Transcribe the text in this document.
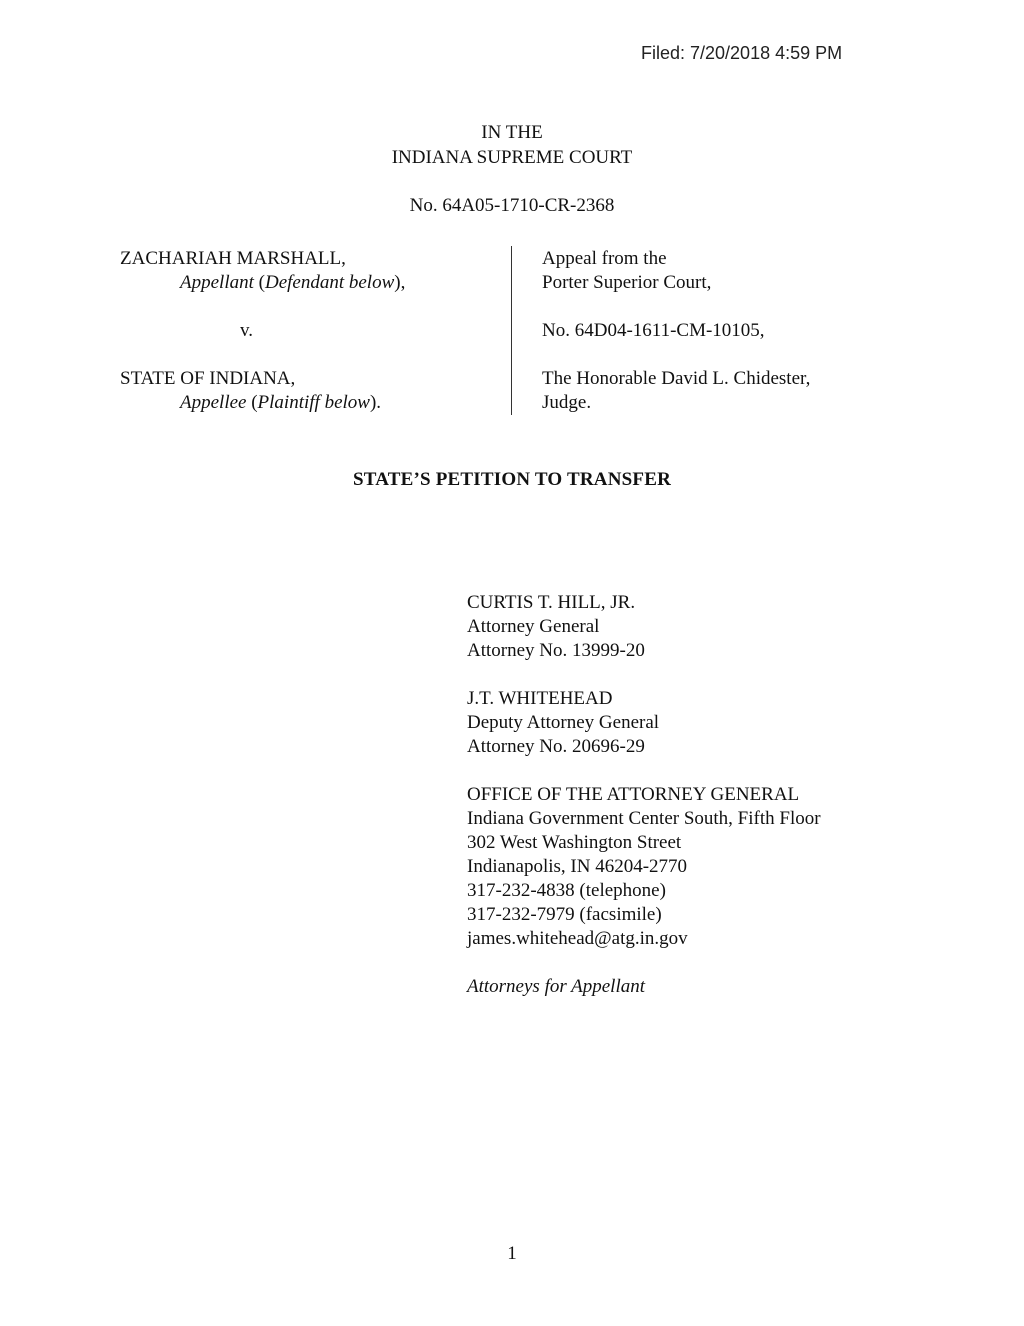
Filed: 7/20/2018 4:59 PM
IN THE
INDIANA SUPREME COURT
No. 64A05-1710-CR-2368
ZACHARIAH MARSHALL,
Appellant (Defendant below),
v.
STATE OF INDIANA,
Appellee (Plaintiff below).
Appeal from the
Porter Superior Court,
No. 64D04-1611-CM-10105,
The Honorable David L. Chidester,
Judge.
STATE’S PETITION TO TRANSFER
CURTIS T. HILL, JR.
Attorney General
Attorney No. 13999-20
J.T. WHITEHEAD
Deputy Attorney General
Attorney No. 20696-29
OFFICE OF THE ATTORNEY GENERAL
Indiana Government Center South, Fifth Floor
302 West Washington Street
Indianapolis, IN 46204-2770
317-232-4838 (telephone)
317-232-7979 (facsimile)
james.whitehead@atg.in.gov
Attorneys for Appellant
1
